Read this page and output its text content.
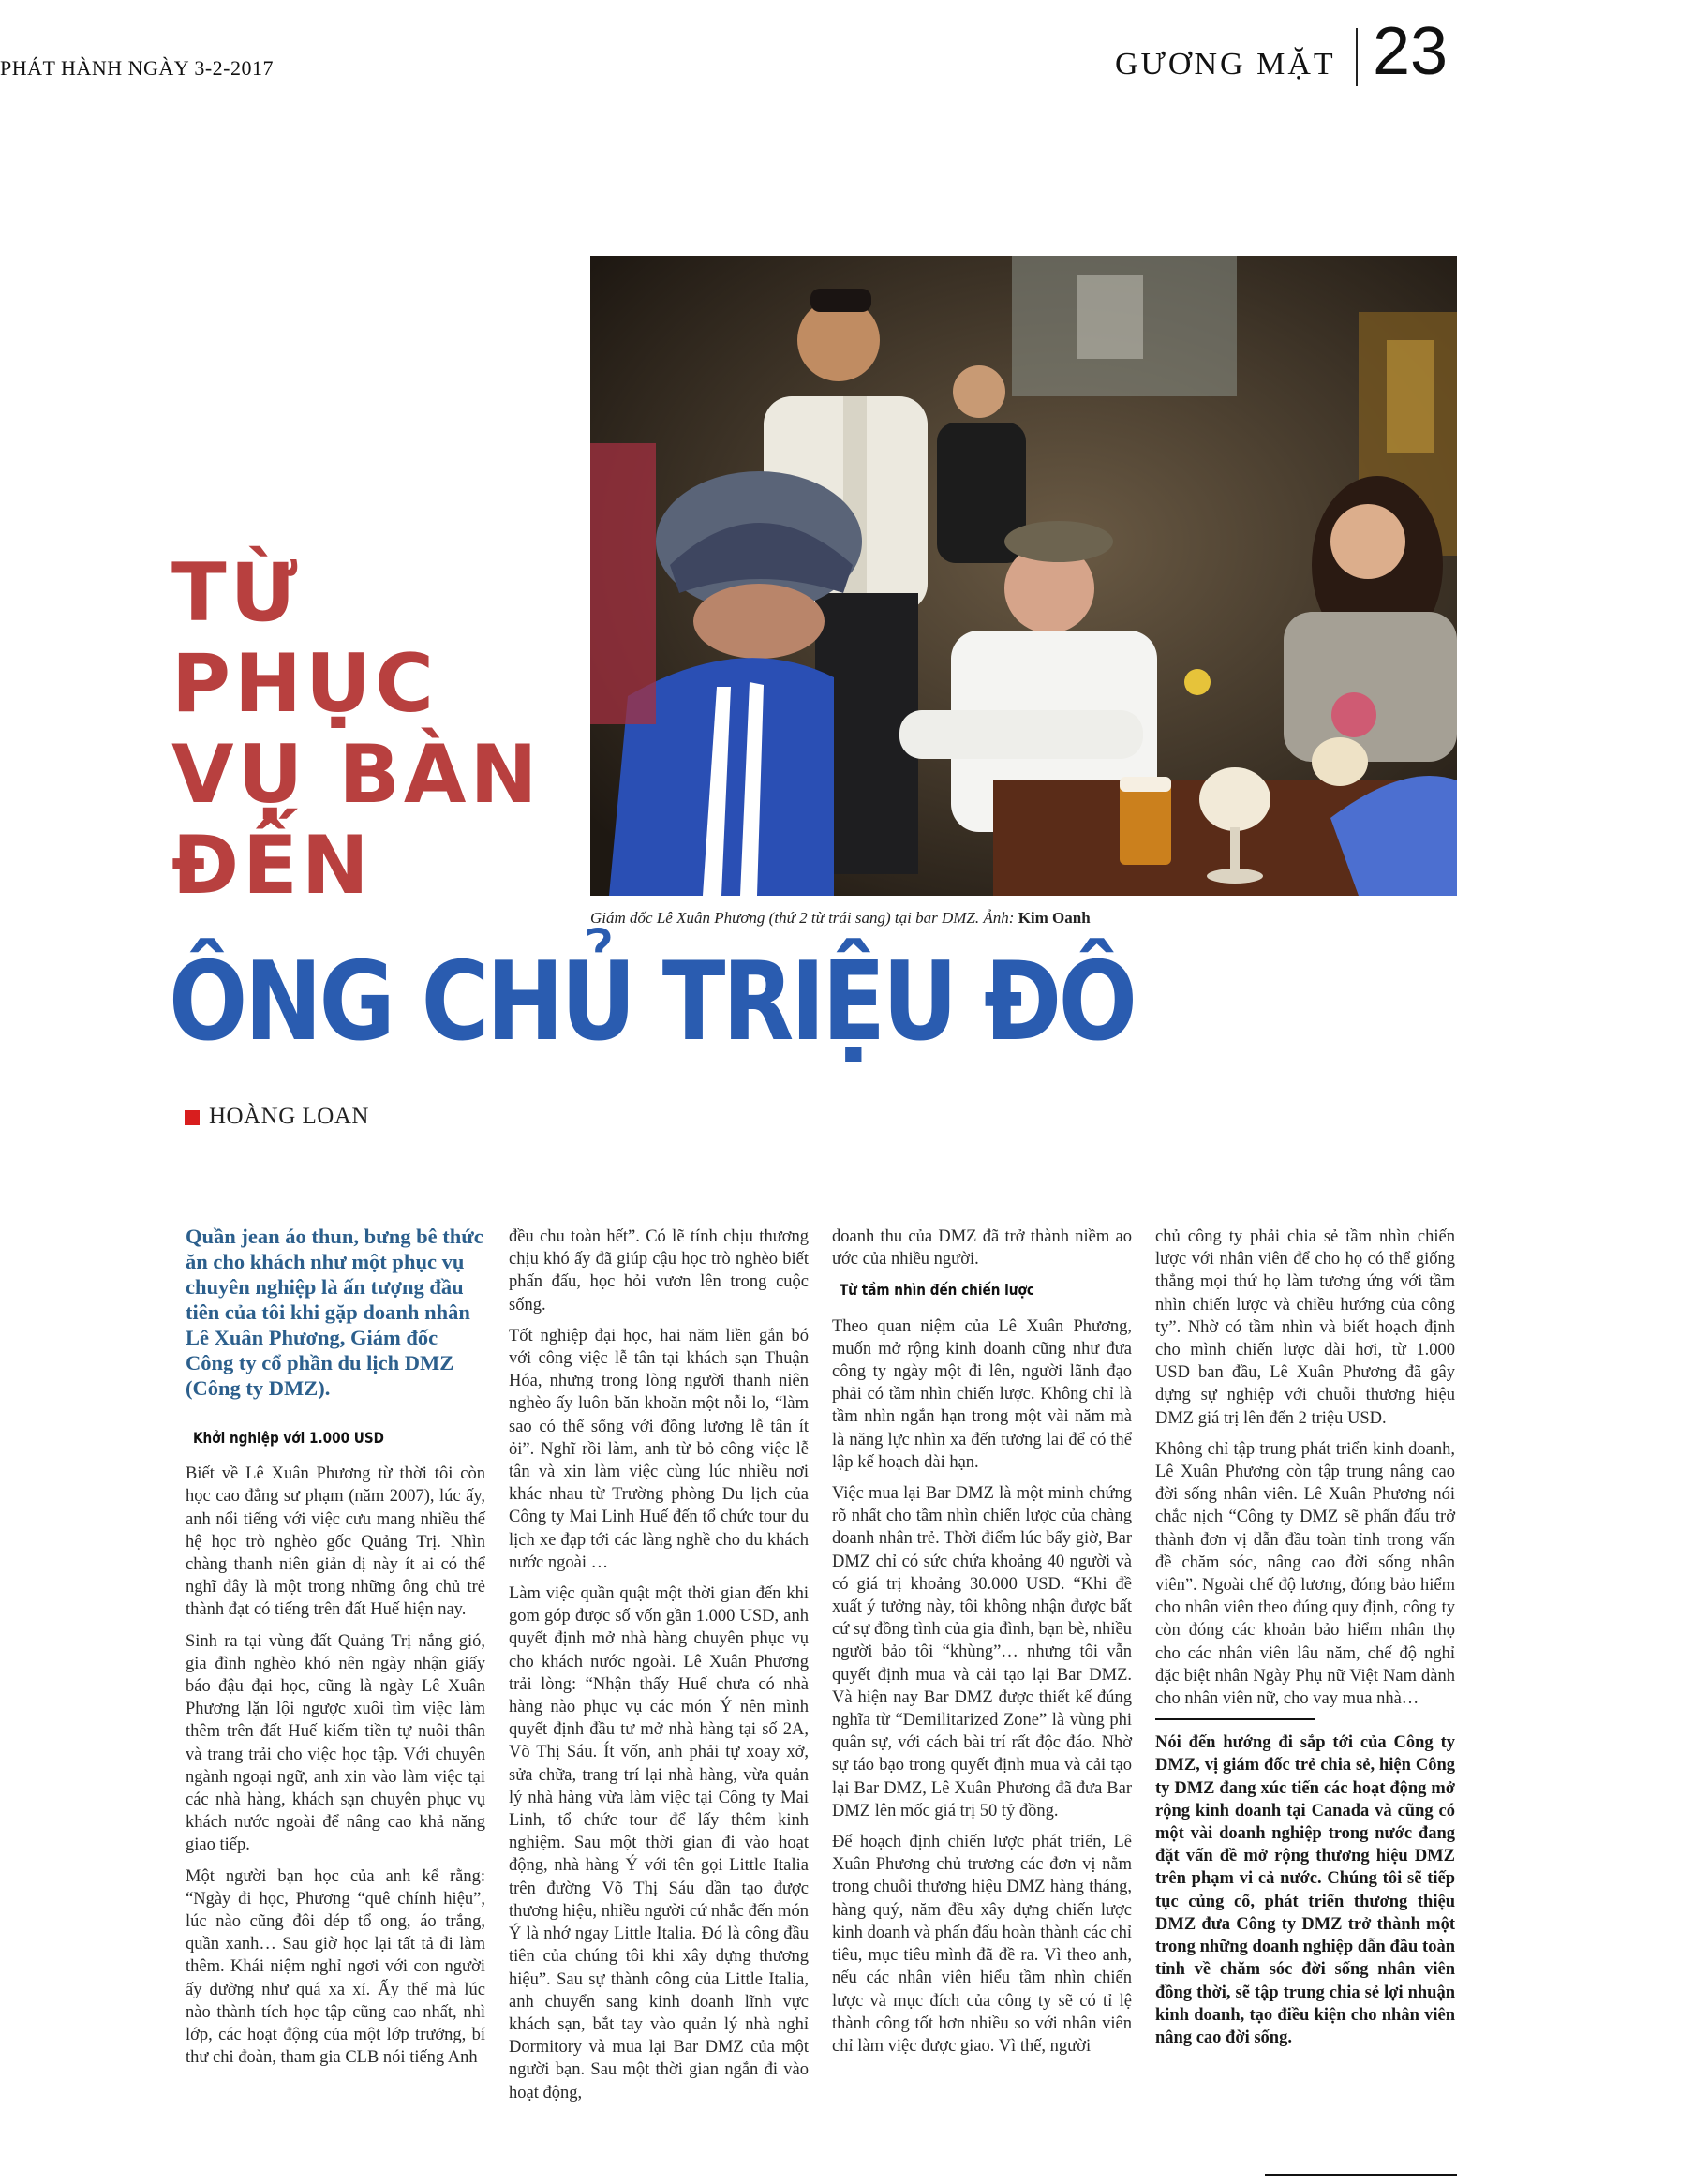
PHÁT HÀNH NGÀY 3-2-2017	GƯƠNG MẶT 23
Giám đốc Lê Xuân Phương (thứ 2 từ trái sang) tại bar DMZ. Ảnh: Kim Oanh
TỪ
PHỤC
VỤ BÀN
ĐẾN
ÔNG CHỦ TRIỆU ĐÔ
HOÀNG LOAN

Quần jean áo thun, bưng bê thức ăn cho khách như một phục vụ chuyên nghiệp là ấn tượng đầu tiên của tôi khi gặp doanh nhân Lê Xuân Phương, Giám đốc Công ty cổ phần du lịch DMZ (Công ty DMZ).

Khởi nghiệp với 1.000 USD

Biết về Lê Xuân Phương từ thời tôi còn học cao đẳng sư phạm (năm 2007), lúc ấy, anh nổi tiếng với việc cưu mang nhiều thế hệ học trò nghèo gốc Quảng Trị. Nhìn chàng thanh niên giản dị này ít ai có thể nghĩ đây là một trong những ông chủ trẻ thành đạt có tiếng trên đất Huế hiện nay.

Sinh ra tại vùng đất Quảng Trị nắng gió, gia đình nghèo khó nên ngày nhận giấy báo đậu đại học, cũng là ngày Lê Xuân Phương lặn lội ngược xuôi tìm việc làm thêm trên đất Huế kiếm tiền tự nuôi thân và trang trải cho việc học tập. Với chuyên ngành ngoại ngữ, anh xin vào làm việc tại các nhà hàng, khách sạn chuyên phục vụ khách nước ngoài để nâng cao khả năng giao tiếp.

Một người bạn học của anh kể rằng: “Ngày đi học, Phương “quê chính hiệu”, lúc nào cũng đôi dép tổ ong, áo trắng, quần xanh… Sau giờ học lại tất tả đi làm thêm. Khái niệm nghỉ ngơi với con người ấy dường như quá xa xỉ. Ấy thế mà lúc nào thành tích học tập cũng cao nhất, nhì lớp, các hoạt động của một lớp trưởng, bí thư chi đoàn, tham gia CLB nói tiếng Anh

đều chu toàn hết”. Có lẽ tính chịu thương chịu khó ấy đã giúp cậu học trò nghèo biết phấn đấu, học hỏi vươn lên trong cuộc sống.

Tốt nghiệp đại học, hai năm liền gắn bó với công việc lễ tân tại khách sạn Thuận Hóa, nhưng trong lòng người thanh niên nghèo ấy luôn băn khoăn một nỗi lo, “làm sao có thể sống với đồng lương lễ tân ít ỏi”. Nghĩ rồi làm, anh từ bỏ công việc lễ tân và xin làm việc cùng lúc nhiều nơi khác nhau từ Trường phòng Du lịch của Công ty Mai Linh Huế đến tổ chức tour du lịch xe đạp tới các làng nghề cho du khách nước ngoài …

Làm việc quần quật một thời gian đến khi gom góp được số vốn gần 1.000 USD, anh quyết định mở nhà hàng chuyên phục vụ cho khách nước ngoài. Lê Xuân Phương trải lòng: “Nhận thấy Huế chưa có nhà hàng nào phục vụ các món Ý nên mình quyết định đầu tư mở nhà hàng tại số 2A, Võ Thị Sáu. Ít vốn, anh phải tự xoay xở, sửa chữa, trang trí lại nhà hàng, vừa quản lý nhà hàng vừa làm việc tại Công ty Mai Linh, tổ chức tour để lấy thêm kinh nghiệm. Sau một thời gian đi vào hoạt động, nhà hàng Ý với tên gọi Little Italia trên đường Võ Thị Sáu dần tạo được thương hiệu, nhiều người cứ nhắc đến món Ý là nhớ ngay Little Italia. Đó là công đầu tiên của chúng tôi khi xây dựng thương hiệu”. Sau sự thành công của Little Italia, anh chuyển sang kinh doanh lĩnh vực khách sạn, bắt tay vào quản lý nhà nghỉ Dormitory và mua lại Bar DMZ của một người bạn. Sau một thời gian ngắn đi vào hoạt động,

doanh thu của DMZ đã trở thành niềm ao ước của nhiều người.

Từ tầm nhìn đến chiến lược

Theo quan niệm của Lê Xuân Phương, muốn mở rộng kinh doanh cũng như đưa công ty ngày một đi lên, người lãnh đạo phải có tầm nhìn chiến lược. Không chỉ là tầm nhìn ngắn hạn trong một vài năm mà là năng lực nhìn xa đến tương lai để có thể lập kế hoạch dài hạn.

Việc mua lại Bar DMZ là một minh chứng rõ nhất cho tầm nhìn chiến lược của chàng doanh nhân trẻ. Thời điểm lúc bấy giờ, Bar DMZ chỉ có sức chứa khoảng 40 người và có giá trị khoảng 30.000 USD. “Khi đề xuất ý tưởng này, tôi không nhận được bất cứ sự đồng tình của gia đình, bạn bè, nhiều người bảo tôi “khùng”… nhưng tôi vẫn quyết định mua và cải tạo lại Bar DMZ. Và hiện nay Bar DMZ được thiết kế đúng nghĩa từ “Demilitarized Zone” là vùng phi quân sự, với cách bài trí rất độc đáo. Nhờ sự táo bạo trong quyết định mua và cải tạo lại Bar DMZ, Lê Xuân Phương đã đưa Bar DMZ lên mốc giá trị 50 tỷ đồng.

Để hoạch định chiến lược phát triển, Lê Xuân Phương chủ trương các đơn vị nằm trong chuỗi thương hiệu DMZ hàng tháng, hàng quý, năm đều xây dựng chiến lược kinh doanh và phấn đấu hoàn thành các chỉ tiêu, mục tiêu mình đã đề ra. Vì theo anh, nếu các nhân viên hiểu tầm nhìn chiến lược và mục đích của công ty sẽ có tỉ lệ thành công tốt hơn nhiều so với nhân viên chỉ làm việc được giao. Vì thế, người

chủ công ty phải chia sẻ tầm nhìn chiến lược với nhân viên để cho họ có thể giống thẳng mọi thứ họ làm tương ứng với tầm nhìn chiến lược và chiều hướng của công ty”. Nhờ có tầm nhìn và biết hoạch định cho mình chiến lược dài hơi, từ 1.000 USD ban đầu, Lê Xuân Phương đã gây dựng sự nghiệp với chuỗi thương hiệu DMZ giá trị lên đến 2 triệu USD.

Không chỉ tập trung phát triển kinh doanh, Lê Xuân Phương còn tập trung nâng cao đời sống nhân viên. Lê Xuân Phương nói chắc nịch “Công ty DMZ sẽ phấn đấu trở thành đơn vị dẫn đầu toàn tỉnh trong vấn đề chăm sóc, nâng cao đời sống nhân viên”. Ngoài chế độ lương, đóng bảo hiểm cho nhân viên theo đúng quy định, công ty còn đóng các khoản bảo hiểm nhân thọ cho các nhân viên lâu năm, chế độ nghỉ đặc biệt nhân Ngày Phụ nữ Việt Nam dành cho nhân viên nữ, cho vay mua nhà…

Nói đến hướng đi sắp tới của Công ty DMZ, vị giám đốc trẻ chia sẻ, hiện Công ty DMZ đang xúc tiến các hoạt động mở rộng kinh doanh tại Canada và cũng có một vài doanh nghiệp trong nước đang đặt vấn đề mở rộng thương hiệu DMZ trên phạm vi cả nước. Chúng tôi sẽ tiếp tục củng cố, phát triển thương thiệu DMZ đưa Công ty DMZ trở thành một trong những doanh nghiệp dẫn đầu toàn tỉnh về chăm sóc đời sống nhân viên đồng thời, sẽ tập trung chia sẻ lợi nhuận kinh doanh, tạo điều kiện cho nhân viên nâng cao đời sống.
